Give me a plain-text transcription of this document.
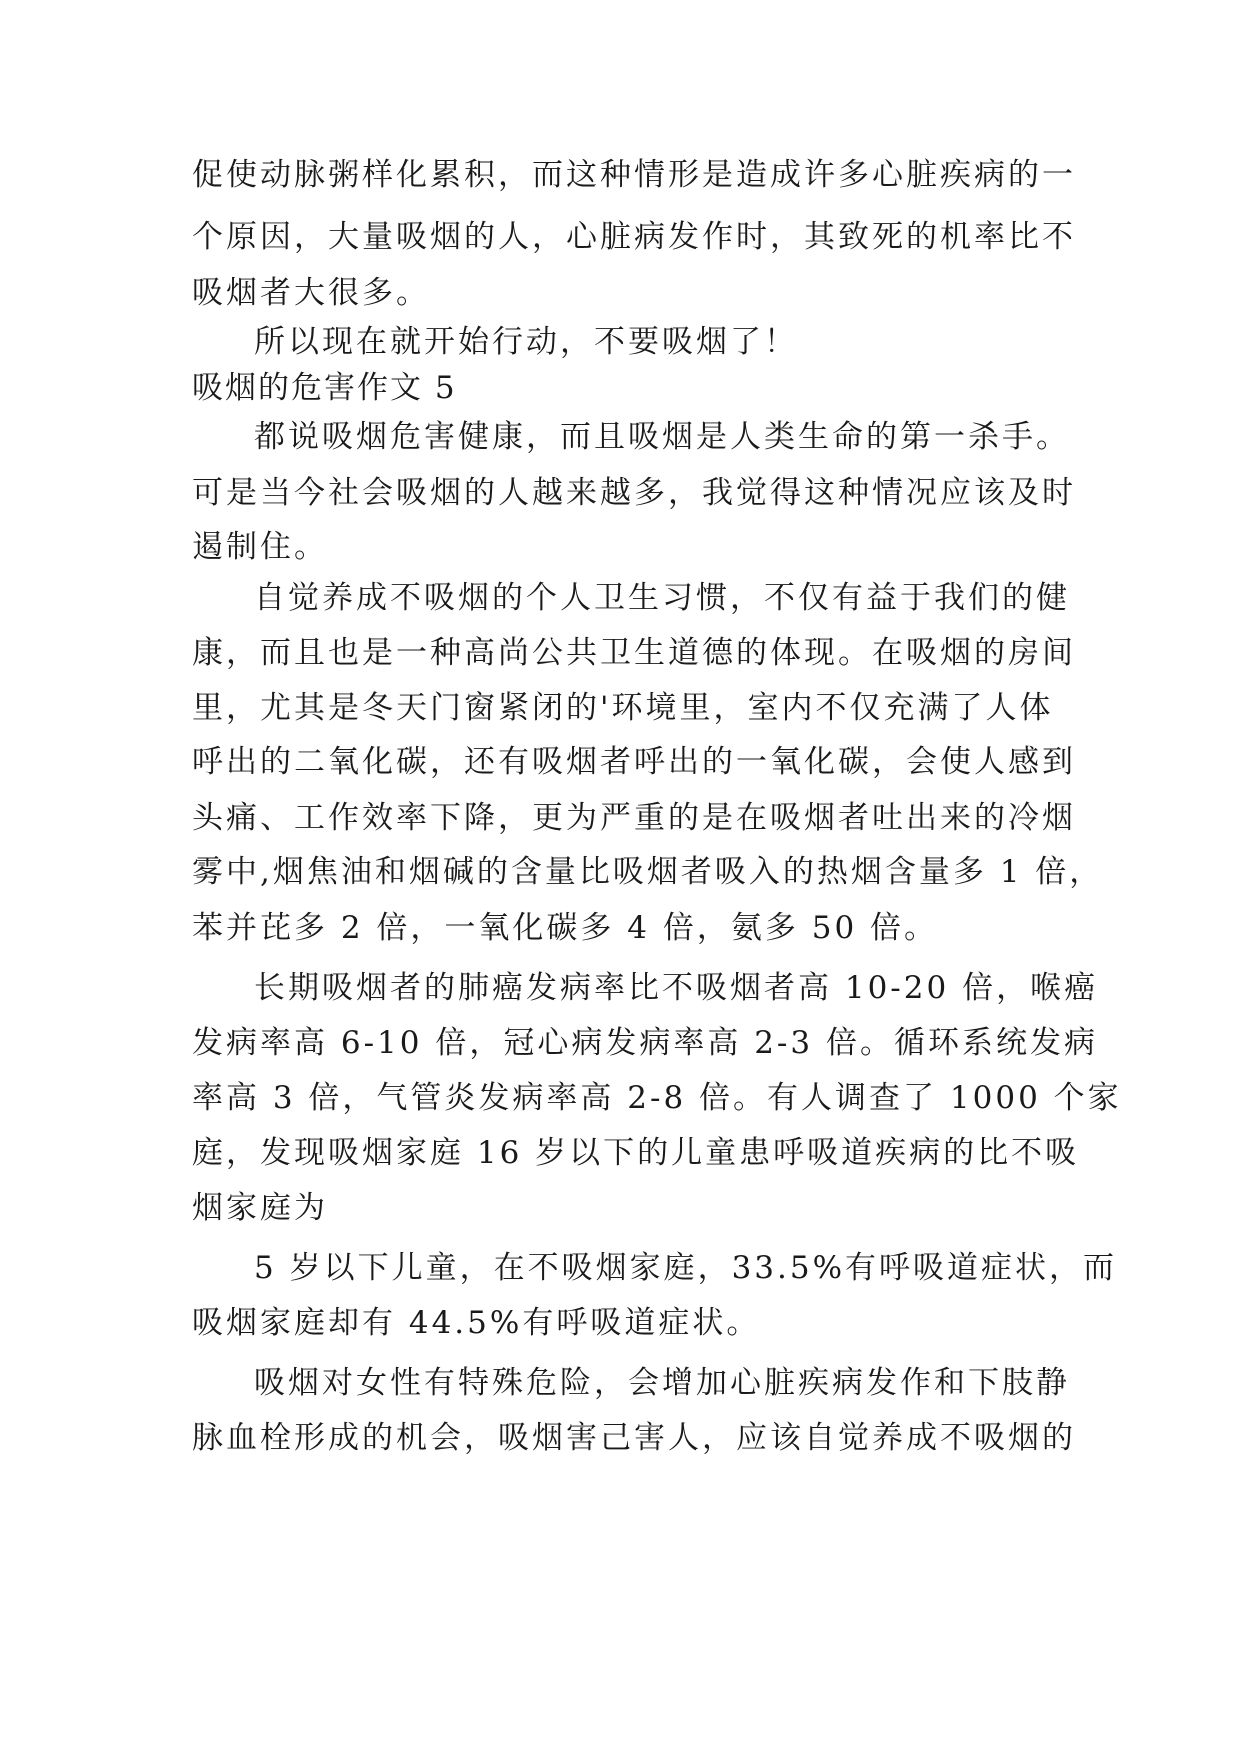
促使动脉粥样化累积，而这种情形是造成许多心脏疾病的一
个原因，大量吸烟的人，心脏病发作时，其致死的机率比不
吸烟者大很多。
所以现在就开始行动，不要吸烟了！
吸烟的危害作文 5
都说吸烟危害健康，而且吸烟是人类生命的第一杀手。
可是当今社会吸烟的人越来越多，我觉得这种情况应该及时
遏制住。
自觉养成不吸烟的个人卫生习惯，不仅有益于我们的健
康，而且也是一种高尚公共卫生道德的体现。在吸烟的房间
里，尤其是冬天门窗紧闭的'环境里，室内不仅充满了人体
呼出的二氧化碳，还有吸烟者呼出的一氧化碳，会使人感到
头痛、工作效率下降，更为严重的是在吸烟者吐出来的冷烟
雾中,烟焦油和烟碱的含量比吸烟者吸入的热烟含量多 1 倍，
苯并芘多 2 倍，一氧化碳多 4 倍，氨多 50 倍。
长期吸烟者的肺癌发病率比不吸烟者高 10-20 倍，喉癌
发病率高 6-10 倍，冠心病发病率高 2-3 倍。循环系统发病
率高 3 倍，气管炎发病率高 2-8 倍。有人调查了 1000 个家
庭，发现吸烟家庭 16 岁以下的儿童患呼吸道疾病的比不吸
烟家庭为
5 岁以下儿童，在不吸烟家庭，33.5%有呼吸道症状，而
吸烟家庭却有 44.5%有呼吸道症状。
吸烟对女性有特殊危险，会增加心脏疾病发作和下肢静
脉血栓形成的机会，吸烟害己害人，应该自觉养成不吸烟的
